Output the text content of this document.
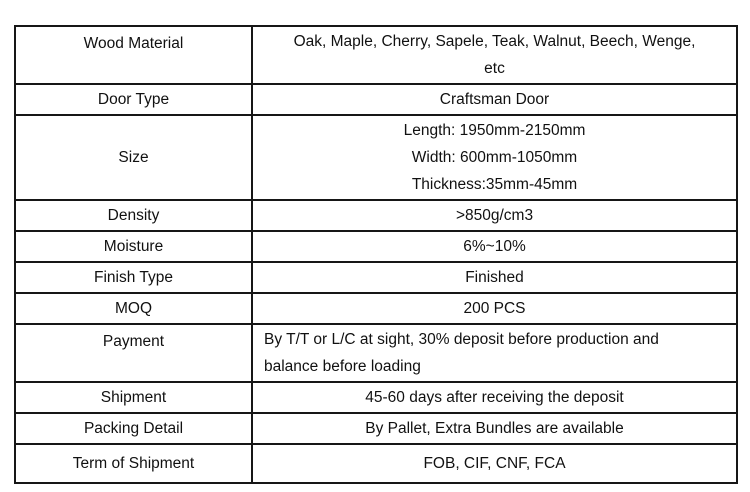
Wood Material	Oak, Maple, Cherry, Sapele, Teak, Walnut, Beech, Wenge,
etc

Door Type	Craftsman Door

Size	Length: 1950mm-2150mm
Width: 600mm-1050mm
Thickness:35mm-45mm

Density	>850g/cm3

Moisture	6%~10%

Finish Type	Finished

MOQ	200 PCS

Payment	By T/T or L/C at sight, 30% deposit before production and
balance before loading

Shipment	45-60 days after receiving the deposit

Packing Detail	By Pallet, Extra Bundles are available

Term of Shipment	FOB, CIF, CNF, FCA
